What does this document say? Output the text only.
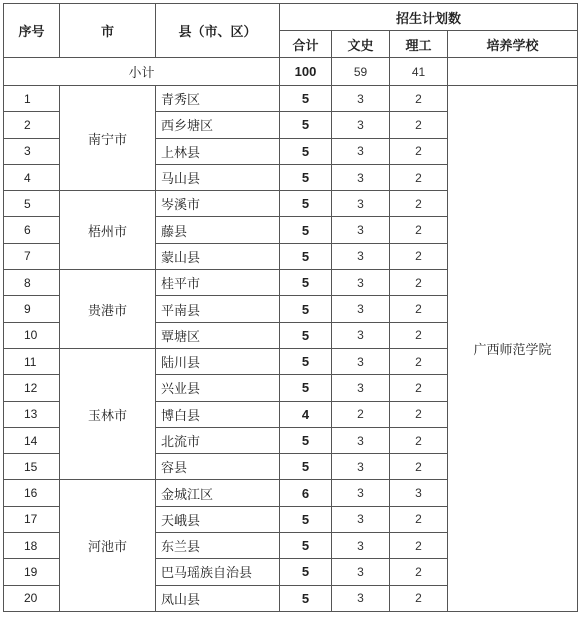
序号	市	县（市、区）	招生计划数			
			合计	文史	理工	培养学校
小计			100	59	41	
1	南宁市	青秀区	5	3	2	广西师范学院
2		西乡塘区	5	3	2	
3		上林县	5	3	2	
4		马山县	5	3	2	
5	梧州市	岑溪市	5	3	2	
6		藤县	5	3	2	
7		蒙山县	5	3	2	
8	贵港市	桂平市	5	3	2	
9		平南县	5	3	2	
10		覃塘区	5	3	2	
11	玉林市	陆川县	5	3	2	
12		兴业县	5	3	2	
13		博白县	4	2	2	
14		北流市	5	3	2	
15		容县	5	3	2	
16	河池市	金城江区	6	3	3	
17		天峨县	5	3	2	
18		东兰县	5	3	2	
19		巴马瑶族自治县	5	3	2	
20		凤山县	5	3	2	
